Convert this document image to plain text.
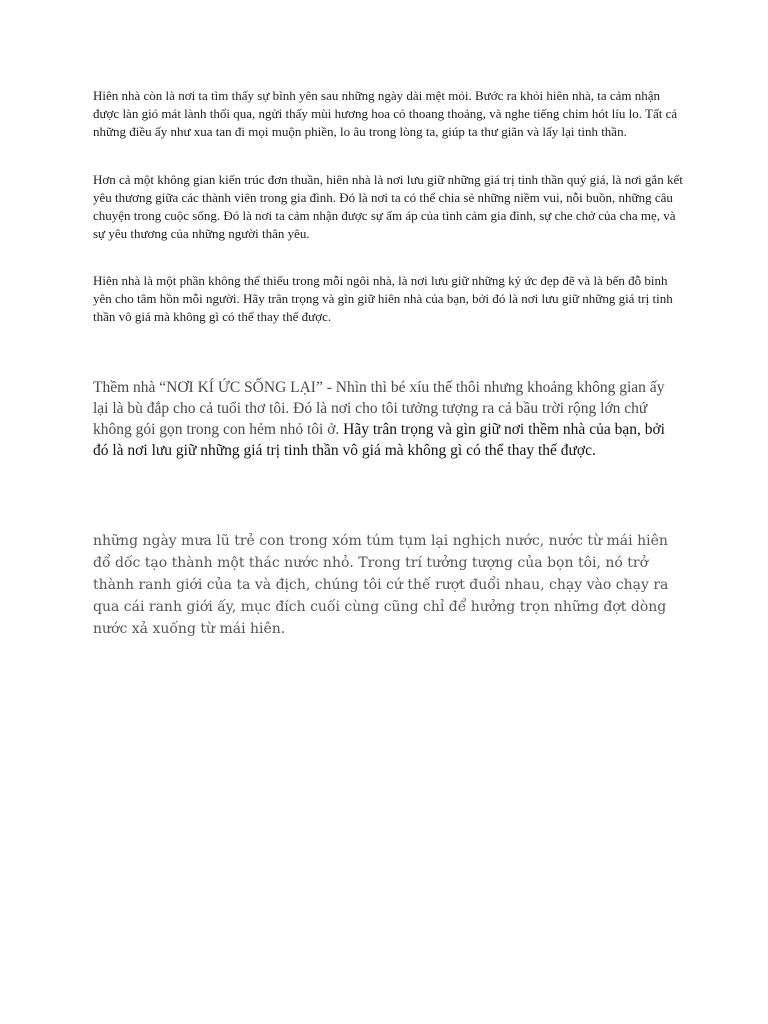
Hiên nhà còn là nơi ta tìm thấy sự bình yên sau những ngày dài mệt mỏi. Bước ra khỏi hiên nhà, ta cảm nhận được làn gió mát lành thổi qua, ngửi thấy mùi hương hoa cỏ thoang thoảng, và nghe tiếng chim hót líu lo. Tất cả những điều ấy như xua tan đi mọi muộn phiền, lo âu trong lòng ta, giúp ta thư giãn và lấy lại tinh thần.

Hơn cả một không gian kiến trúc đơn thuần, hiên nhà là nơi lưu giữ những giá trị tinh thần quý giá, là nơi gắn kết yêu thương giữa các thành viên trong gia đình. Đó là nơi ta có thể chia sẻ những niềm vui, nỗi buồn, những câu chuyện trong cuộc sống. Đó là nơi ta cảm nhận được sự ấm áp của tình cảm gia đình, sự che chở của cha mẹ, và sự yêu thương của những người thân yêu.

Hiên nhà là một phần không thể thiếu trong mỗi ngôi nhà, là nơi lưu giữ những ký ức đẹp đẽ và là bến đỗ bình yên cho tâm hồn mỗi người. Hãy trân trọng và gìn giữ hiên nhà của bạn, bởi đó là nơi lưu giữ những giá trị tinh thần vô giá mà không gì có thể thay thế được.

Thềm nhà “NƠI KÍ ỨC SỐNG LẠI” - Nhìn thì bé xíu thế thôi nhưng khoảng không gian ấy lại là bù đắp cho cả tuổi thơ tôi. Đó là nơi cho tôi tưởng tượng ra cả bầu trời rộng lớn chứ không gói gọn trong con hẻm nhỏ tôi ở. Hãy trân trọng và gìn giữ nơi thềm nhà của bạn, bởi đó là nơi lưu giữ những giá trị tinh thần vô giá mà không gì có thể thay thế được.

những ngày mưa lũ trẻ con trong xóm túm tụm lại nghịch nước, nước từ mái hiên đổ dốc tạo thành một thác nước nhỏ. Trong trí tưởng tượng của bọn tôi, nó trở thành ranh giới của ta và địch, chúng tôi cứ thế rượt đuổi nhau, chạy vào chạy ra qua cái ranh giới ấy, mục đích cuối cùng cũng chỉ để hưởng trọn những đợt dòng nước xả xuống từ mái hiên.
